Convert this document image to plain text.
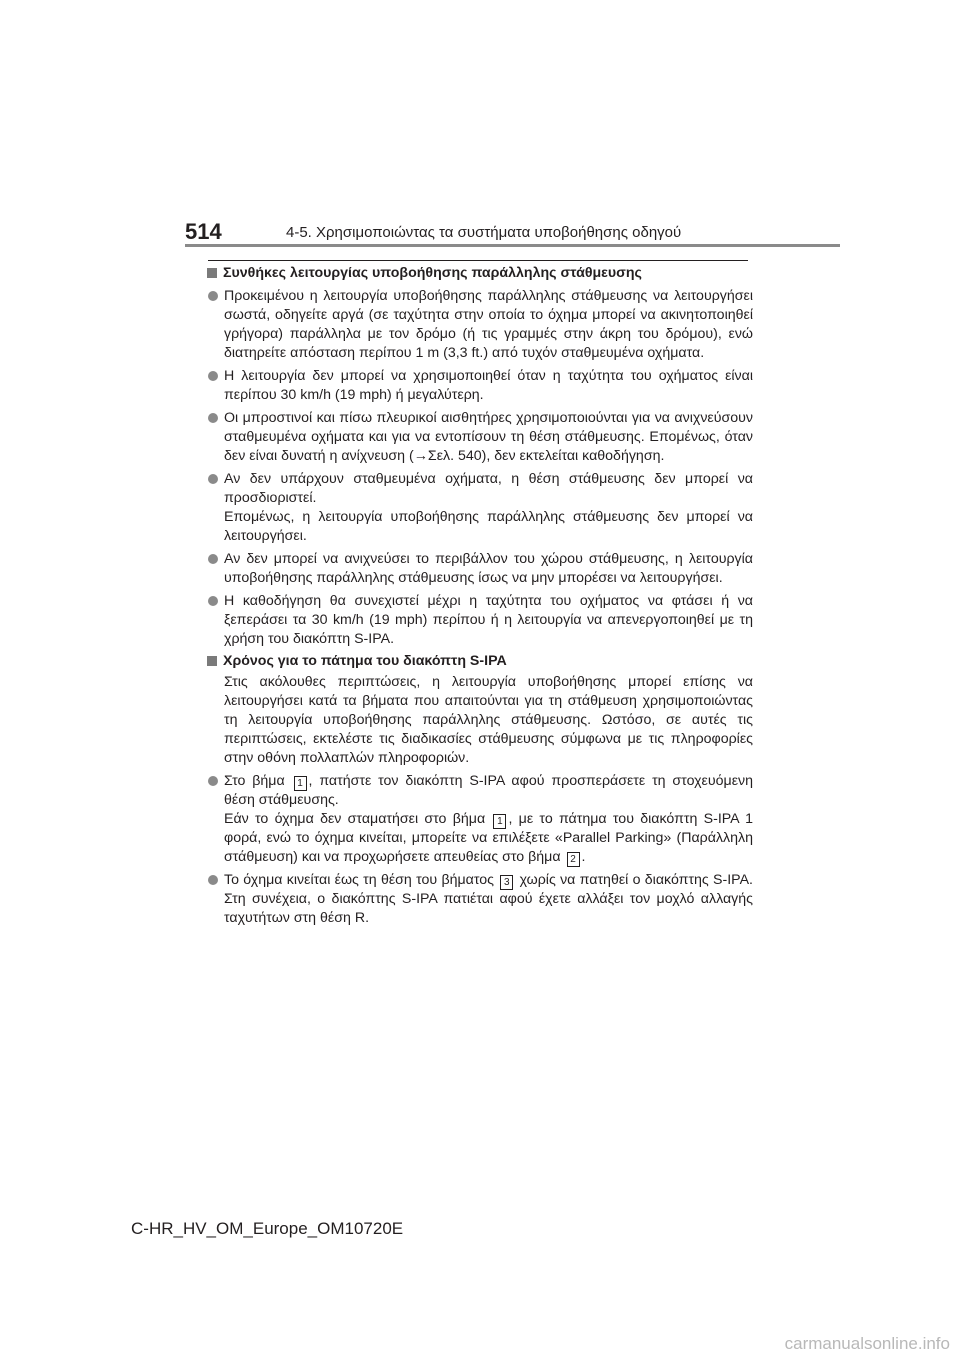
514	4-5. Χρησιμοποιώντας τα συστήματα υποβοήθησης οδηγού
Συνθήκες λειτουργίας υποβοήθησης παράλληλης στάθμευσης

Προκειμένου η λειτουργία υποβοήθησης παράλληλης στάθμευσης να λειτουργήσει σωστά, οδηγείτε αργά (σε ταχύτητα στην οποία το όχημα μπορεί να ακινητοποιηθεί γρήγορα) παράλληλα με τον δρόμο (ή τις γραμμές στην άκρη του δρόμου), ενώ διατηρείτε απόσταση περίπου 1 m (3,3 ft.) από τυχόν σταθμευμένα οχήματα.

Η λειτουργία δεν μπορεί να χρησιμοποιηθεί όταν η ταχύτητα του οχήματος είναι περίπου 30 km/h (19 mph) ή μεγαλύτερη.

Οι μπροστινοί και πίσω πλευρικοί αισθητήρες χρησιμοποιούνται για να ανιχνεύσουν σταθμευμένα οχήματα και για να εντοπίσουν τη θέση στάθμευσης. Επομένως, όταν δεν είναι δυνατή η ανίχνευση (→Σελ. 540), δεν εκτελείται καθοδήγηση.

Αν δεν υπάρχουν σταθμευμένα οχήματα, η θέση στάθμευσης δεν μπορεί να προσδιοριστεί.

Επομένως, η λειτουργία υποβοήθησης παράλληλης στάθμευσης δεν μπορεί να λειτουργήσει.

Αν δεν μπορεί να ανιχνεύσει το περιβάλλον του χώρου στάθμευσης, η λειτουργία υποβοήθησης παράλληλης στάθμευσης ίσως να μην μπορέσει να λειτουργήσει.

Η καθοδήγηση θα συνεχιστεί μέχρι η ταχύτητα του οχήματος να φτάσει ή να ξεπεράσει τα 30 km/h (19 mph) περίπου ή η λειτουργία να απενεργοποιηθεί με τη χρήση του διακόπτη S-IPA.

Χρόνος για το πάτημα του διακόπτη S-IPA

Στις ακόλουθες περιπτώσεις, η λειτουργία υποβοήθησης μπορεί επίσης να λειτουργήσει κατά τα βήματα που απαιτούνται για τη στάθμευση χρησιμοποιώντας τη λειτουργία υποβοήθησης παράλληλης στάθμευσης. Ωστόσο, σε αυτές τις περιπτώσεις, εκτελέστε τις διαδικασίες στάθμευσης σύμφωνα με τις πληροφορίες στην οθόνη πολλαπλών πληροφοριών.

Στο βήμα 1 , πατήστε τον διακόπτη S-IPA αφού προσπεράσετε τη στοχευόμενη θέση στάθμευσης.

Εάν το όχημα δεν σταματήσει στο βήμα 1 , με το πάτημα του διακόπτη S-IPA 1 φορά, ενώ το όχημα κινείται, μπορείτε να επιλέξετε «Parallel Parking» (Παράλληλη στάθμευση) και να προχωρήσετε απευθείας στο βήμα 2 .

Το όχημα κινείται έως τη θέση του βήματος 3 χωρίς να πατηθεί ο διακόπτης S-IPA. Στη συνέχεια, ο διακόπτης S-IPA πατιέται αφού έχετε αλλάξει τον μοχλό αλλαγής ταχυτήτων στη θέση R.

C-HR_HV_OM_Europe_OM10720E
carmanualsonline.info
